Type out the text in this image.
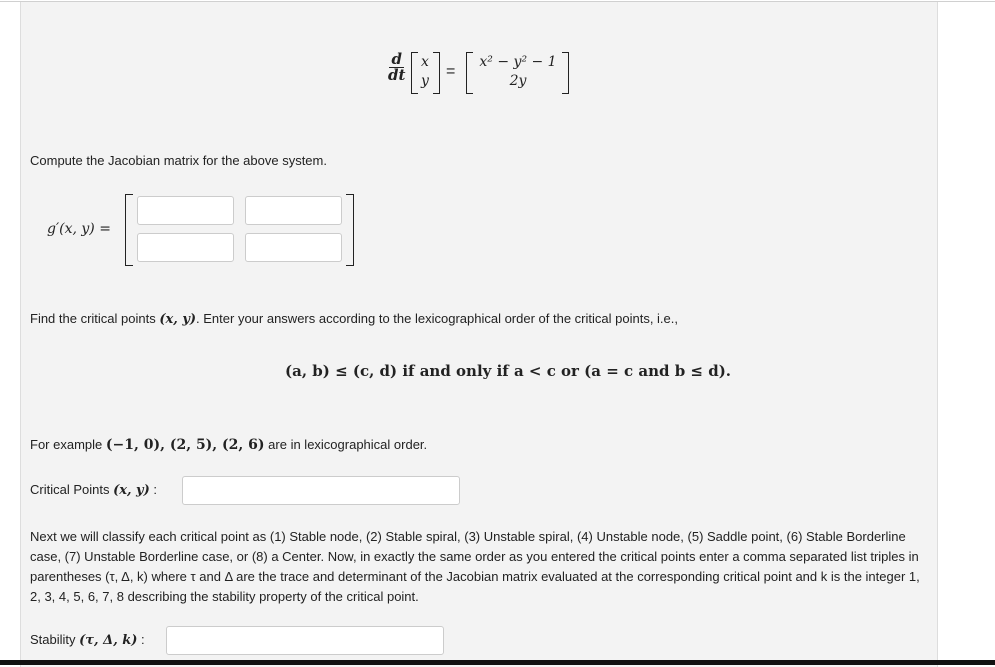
$\frac{d}{dt}$ x
y
=
x² − y² − 1
2y
Compute the Jacobian matrix for the above system.
g′(x, y) =
Find the critical points (x, y). Enter your answers according to the lexicographical order of the critical points, i.e.,
(a, b) ≤ (c, d) if and only if a < c or (a = c and b ≤ d).
For example (−1, 0), (2, 5), (2, 6) are in lexicographical order.
Critical Points (x, y) :
Next we will classify each critical point as (1) Stable node, (2) Stable spiral, (3) Unstable spiral, (4) Unstable node, (5) Saddle point, (6) Stable Borderline case, (7) Unstable Borderline case, or (8) a Center. Now, in exactly the same order as you entered the critical points enter a comma separated list triples in parentheses (τ, Δ, k) where τ and Δ are the trace and determinant of the Jacobian matrix evaluated at the corresponding critical point and k is the integer 1, 2, 3, 4, 5, 6, 7, 8 describing the stability property of the critical point.
Stability (τ, Δ, k) :
